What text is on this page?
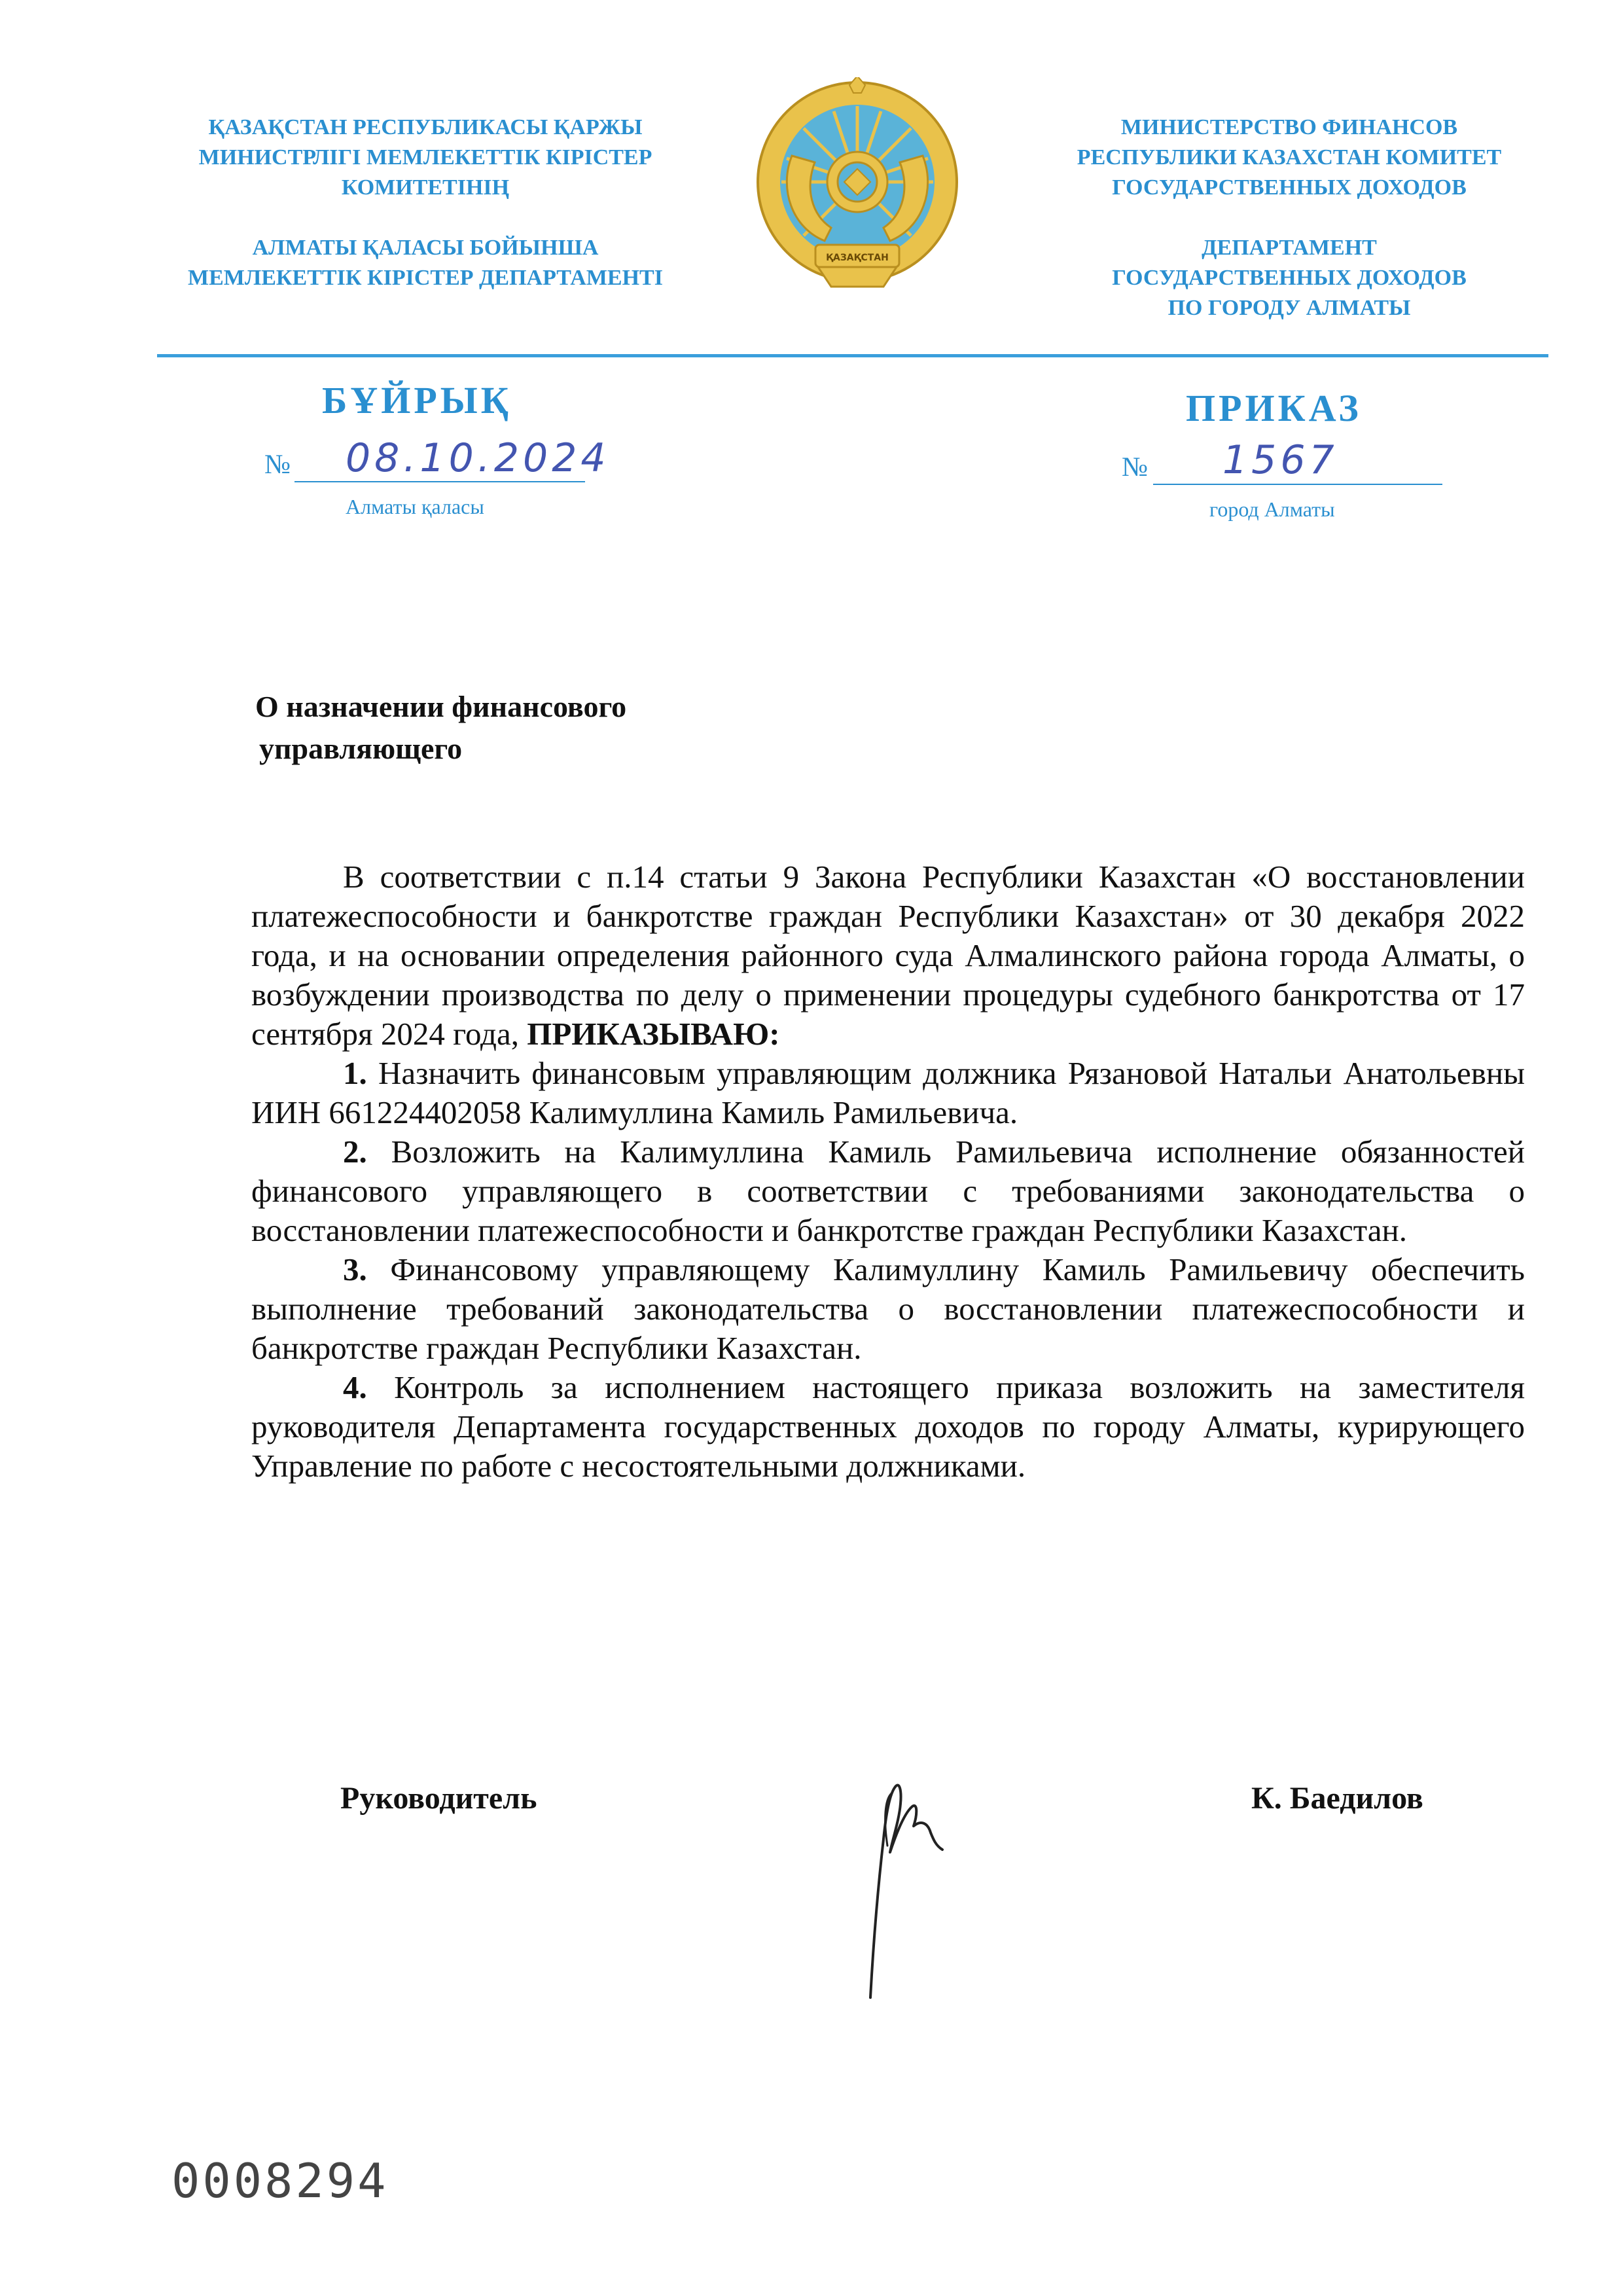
ҚАЗАҚСТАН РЕСПУБЛИКАСЫ ҚАРЖЫ

МИНИСТРЛІГІ МЕМЛЕКЕТТІК КІРІСТЕР

КОМИТЕТІНІҢ

АЛМАТЫ ҚАЛАСЫ БОЙЫНША

МЕМЛЕКЕТТІК КІРІСТЕР ДЕПАРТАМЕНТІ

ҚАЗАҚСТАН

МИНИСТЕРСТВО ФИНАНСОВ

РЕСПУБЛИКИ КАЗАХСТАН КОМИТЕТ

ГОСУДАРСТВЕННЫХ ДОХОДОВ

ДЕПАРТАМЕНТ

ГОСУДАРСТВЕННЫХ ДОХОДОВ

ПО ГОРОДУ АЛМАТЫ

БҰЙРЫҚ	ПРИКАЗ
№ 08.10.2024
Алматы қаласы
№ 1567
город Алматы
О назначении финансового
управляющего

В соответствии с п.14 статьи 9 Закона Республики Казахстан «О восстановлении платежеспособности и банкротстве граждан Республики Казахстан» от 30 декабря 2022 года, и на основании определения районного суда Алмалинского района города Алматы, о возбуждении производства по делу о применении процедуры судебного банкротства от 17 сентября 2024 года, ПРИКАЗЫВАЮ:

1. Назначить финансовым управляющим должника Рязановой Натальи Анатольевны ИИН 661224402058 Калимуллина Камиль Рамильевича.

2. Возложить на Калимуллина Камиль Рамильевича исполнение обязанностей финансового управляющего в соответствии с требованиями законодательства о восстановлении платежеспособности и банкротстве граждан Республики Казахстан.

3. Финансовому управляющему Калимуллину Камиль Рамильевичу обеспечить выполнение требований законодательства о восстановлении платежеспособности и банкротстве граждан Республики Казахстан.

4. Контроль за исполнением настоящего приказа возложить на заместителя руководителя Департамента государственных доходов по городу Алматы, курирующего Управление по работе с несостоятельными должниками.

Руководитель	К. Баедилов
0008294
